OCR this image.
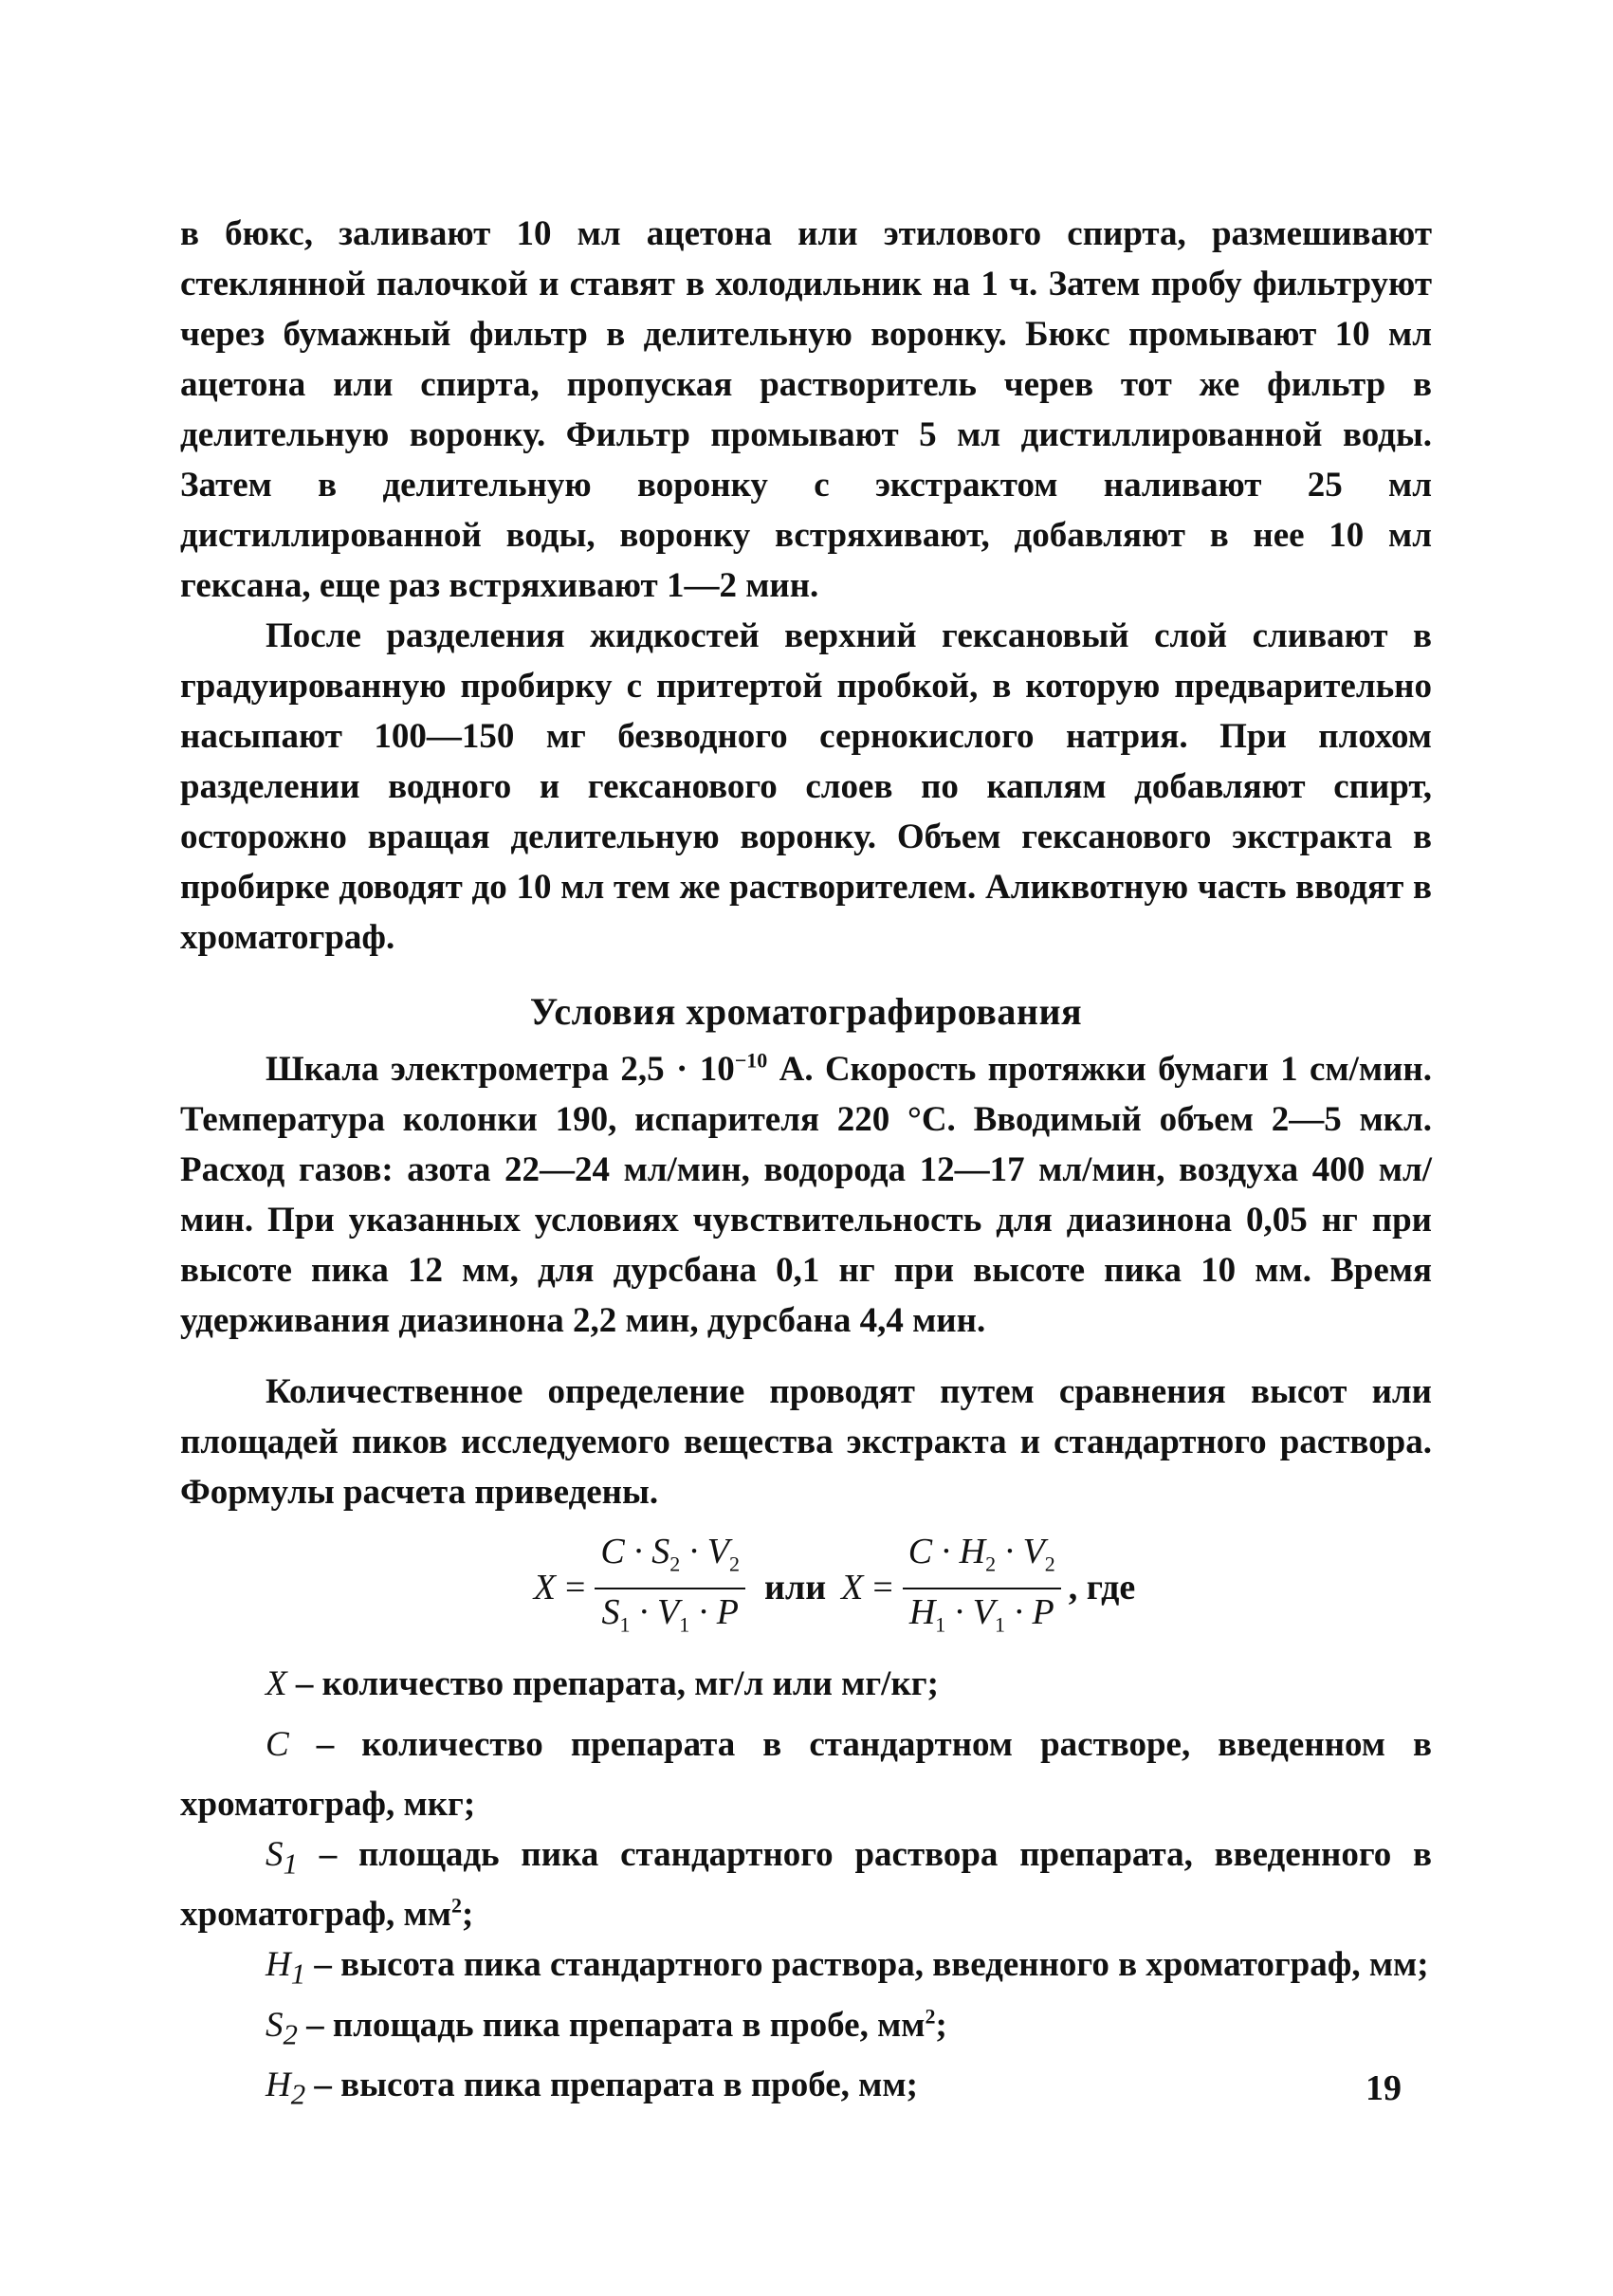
в бюкс, заливают 10 мл ацетона или этилового спирта, размешивают стеклянной палочкой и ставят в холодильник на 1 ч. Затем пробу фильтруют через бумажный фильтр в делительную воронку. Бюкс промывают 10 мл ацетона или спирта, пропуская растворитель черев тот же фильтр в делительную воронку. Фильтр промывают 5 мл дистиллированной воды. Затем в делительную воронку с экстрактом наливают 25 мл дистиллированной воды, воронку встряхивают, добавляют в нее 10 мл гексана, еще раз встряхивают 1—2 мин.

После разделения жидкостей верхний гексановый слой сливают в градуированную пробирку с притертой пробкой, в которую предварительно насыпают 100—150 мг безводного сернокислого натрия. При плохом разделении водного и гексанового слоев по каплям добавляют спирт, осторожно вращая делительную воронку. Объем гексанового экстракта в пробирке доводят до 10 мл тем же растворителем. Аликвотную часть вводят в хроматограф.

Условия хроматографирования

Шкала электрометра $2,5 \cdot 10^{-10}$ А. Скорость протяжки бумаги 1 см/мин. Температура колонки 190, испарителя 220 °С. Вводимый объем 2—5 мкл. Расход газов: азота 22—24 мл/мин, водорода 12—17 мл/мин, воздуха 400 мл/мин. При указанных условиях чувствительность для диазинона 0,05 нг при высоте пика 12 мм, для дурсбана 0,1 нг при высоте пика 10 мм. Время удерживания диазинона 2,2 мин, дурсбана 4,4 мин.

Количественное определение проводят путем сравнения высот или площадей пиков исследуемого вещества экстракта и стандартного раствора. Формулы расчета приведены.

$X = \frac{C \cdot S_2 \cdot V_2}{S_1 \cdot V_1 \cdot P}$ или $X = \frac{C \cdot H_2 \cdot V_2}{H_1 \cdot V_1 \cdot P}$ , где

X – количество препарата, мг/л или мг/кг;

C – количество препарата в стандартном растворе, введенном в хроматограф, мкг;

$S_1$ – площадь пика стандартного раствора препарата, введенного в хроматограф, $мм^2$;

$H_1$ – высота пика стандартного раствора, введенного в хроматограф, мм;

$S_2$ – площадь пика препарата в пробе, $мм^2$;

$H_2$ – высота пика препарата в пробе, мм;	19
